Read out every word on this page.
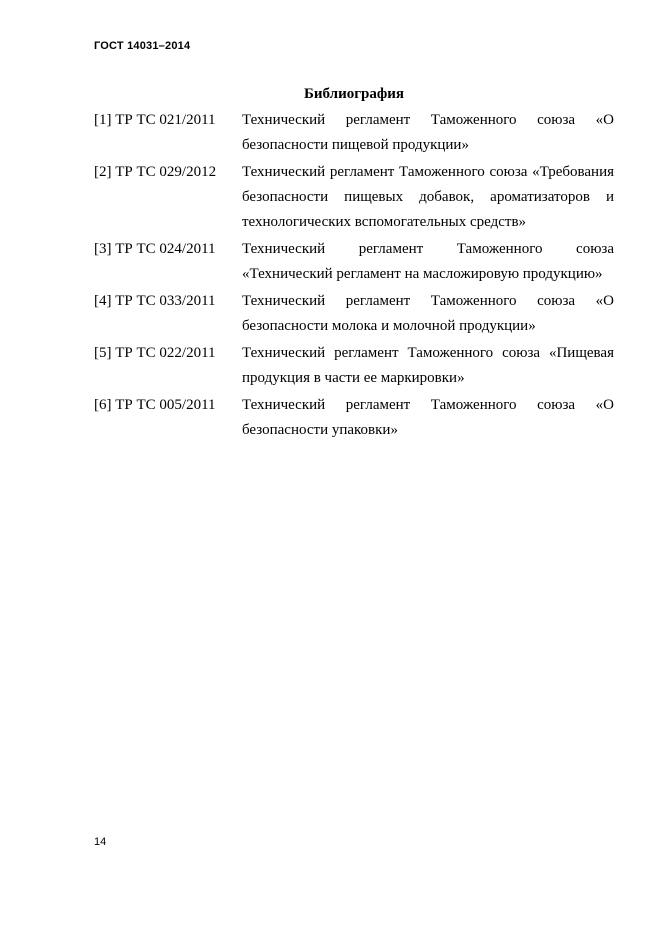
ГОСТ 14031–2014
Библиография
[1] ТР ТС 021/2011	Технический регламент Таможенного союза «О безопасности пищевой продукции»
[2] ТР ТС 029/2012	Технический регламент Таможенного союза «Требования безопасности пищевых добавок, ароматизаторов и технологических вспомогательных средств»
[3] ТР ТС 024/2011	Технический регламент Таможенного союза «Технический регламент на масложировую продукцию»
[4] ТР ТС 033/2011	Технический регламент Таможенного союза «О безопасности молока и молочной продукции»
[5] ТР ТС 022/2011	Технический регламент Таможенного союза «Пищевая продукция в части ее маркировки»
[6] ТР ТС 005/2011	Технический регламент Таможенного союза «О безопасности упаковки»
14
